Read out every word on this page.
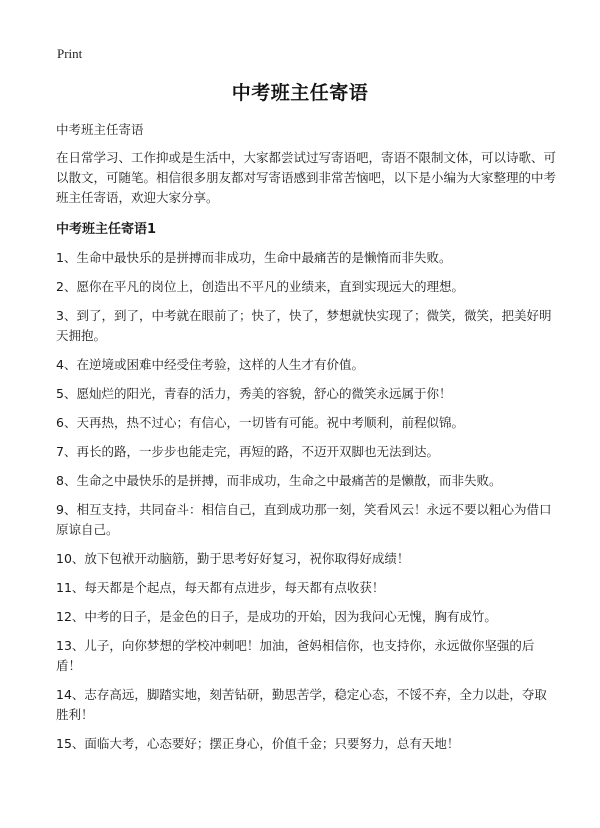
Print
中考班主任寄语

中考班主任寄语

在日常学习、工作抑或是生活中，大家都尝试过写寄语吧，寄语不限制文体，可以诗歌、可以散文，可随笔。相信很多朋友都对写寄语感到非常苦恼吧，以下是小编为大家整理的中考班主任寄语，欢迎大家分享。

中考班主任寄语1

1、生命中最快乐的是拼搏而非成功，生命中最痛苦的是懒惰而非失败。
2、愿你在平凡的岗位上，创造出不平凡的业绩来，直到实现远大的理想。
3、到了，到了，中考就在眼前了；快了，快了，梦想就快实现了；微笑，微笑，把美好明天拥抱。
4、在逆境或困难中经受住考验，这样的人生才有价值。
5、愿灿烂的阳光，青春的活力，秀美的容貌，舒心的微笑永远属于你！
6、天再热，热不过心；有信心，一切皆有可能。祝中考顺利，前程似锦。
7、再长的路，一步步也能走完，再短的路，不迈开双脚也无法到达。
8、生命之中最快乐的是拼搏，而非成功，生命之中最痛苦的是懒散，而非失败。
9、相互支持，共同奋斗：相信自己，直到成功那一刻，笑看风云！永远不要以粗心为借口原谅自己。
10、放下包袱开动脑筋，勤于思考好好复习，祝你取得好成绩！
11、每天都是个起点，每天都有点进步，每天都有点收获！
12、中考的日子，是金色的日子，是成功的开始，因为我问心无愧，胸有成竹。
13、儿子，向你梦想的学校冲刺吧！加油，爸妈相信你，也支持你，永远做你坚强的后盾！
14、志存高远，脚踏实地，刻苦钻研，勤思苦学，稳定心态，不馁不弃，全力以赴，夺取胜利！
15、面临大考，心态要好；摆正身心，价值千金；只要努力，总有天地！
